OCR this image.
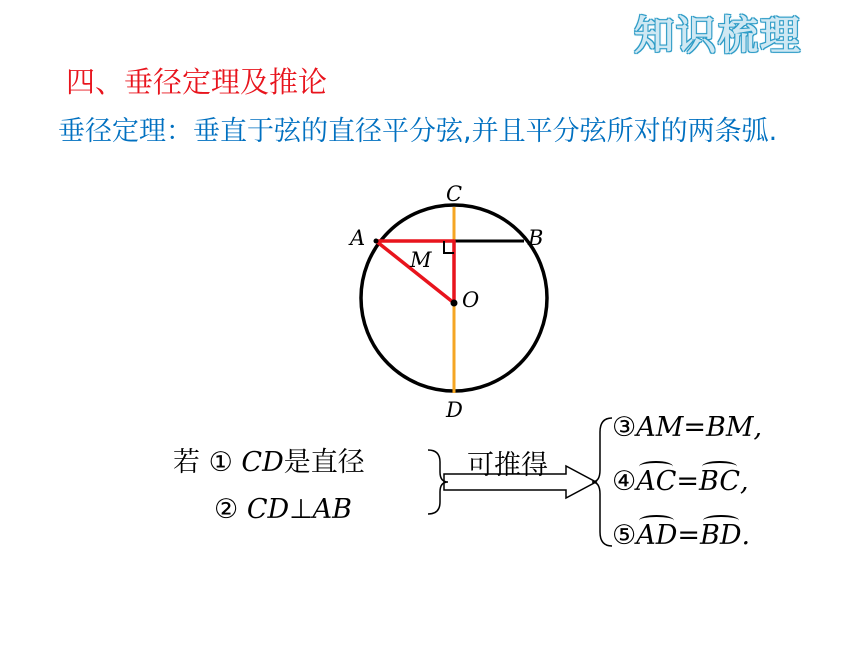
知识梳理
四、垂径定理及推论
垂径定理：垂直于弦的直径平分弦,并且平分弦所对的两条弧.
C
A	B
M
O
D
若 ① CD是直径
② CD⊥AB
可推得
③AM=BM,
④AC=BC,
⑤AD=BD.
